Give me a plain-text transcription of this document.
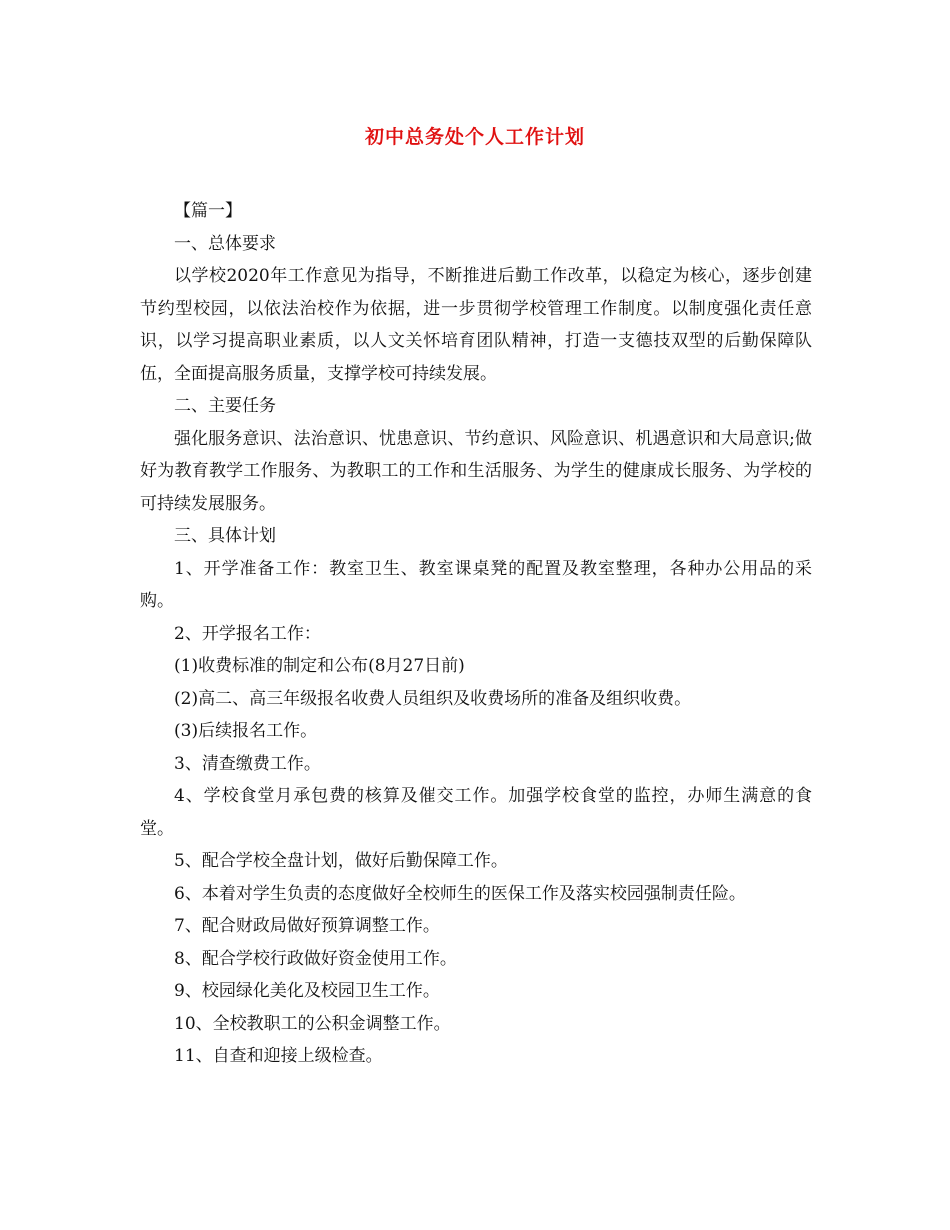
初中总务处个人工作计划

【篇一】

一、总体要求

以学校2020年工作意见为指导，不断推进后勤工作改革，以稳定为核心，逐步创建节约型校园，以依法治校作为依据，进一步贯彻学校管理工作制度。以制度强化责任意识，以学习提高职业素质，以人文关怀培育团队精神，打造一支德技双型的后勤保障队伍，全面提高服务质量，支撑学校可持续发展。

二、主要任务

强化服务意识、法治意识、忧患意识、节约意识、风险意识、机遇意识和大局意识;做好为教育教学工作服务、为教职工的工作和生活服务、为学生的健康成长服务、为学校的可持续发展服务。

三、具体计划

1、开学准备工作：教室卫生、教室课桌凳的配置及教室整理，各种办公用品的采购。

2、开学报名工作：

(1)收费标准的制定和公布(8月27日前)

(2)高二、高三年级报名收费人员组织及收费场所的准备及组织收费。

(3)后续报名工作。

3、清查缴费工作。

4、学校食堂月承包费的核算及催交工作。加强学校食堂的监控，办师生满意的食堂。

5、配合学校全盘计划，做好后勤保障工作。

6、本着对学生负责的态度做好全校师生的医保工作及落实校园强制责任险。

7、配合财政局做好预算调整工作。

8、配合学校行政做好资金使用工作。

9、校园绿化美化及校园卫生工作。

10、全校教职工的公积金调整工作。

11、自查和迎接上级检查。
